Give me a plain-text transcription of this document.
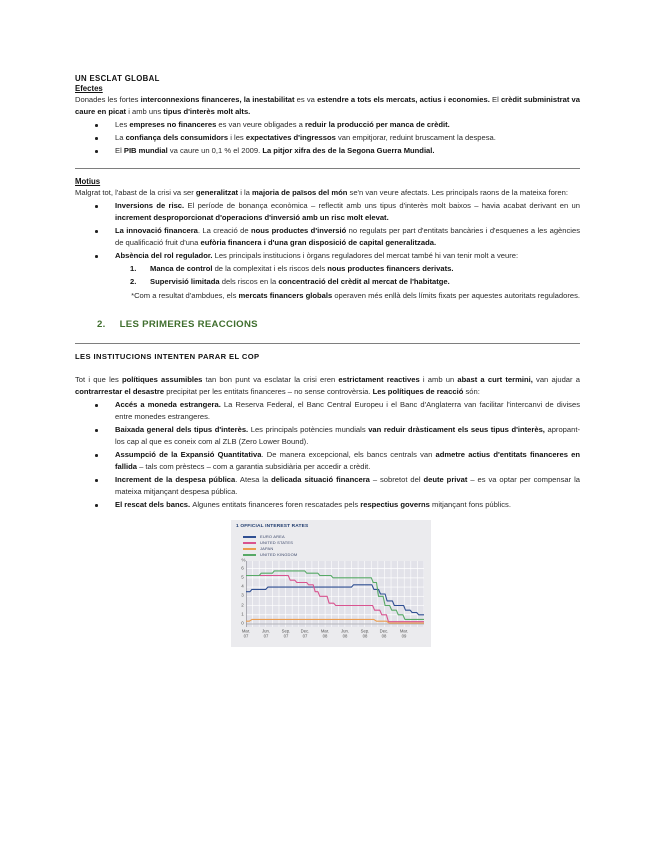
UN ESCLAT GLOBAL
Efectes

Donades les fortes interconnexions financeres, la inestabilitat es va estendre a tots els mercats, actius i economies. El crèdit subministrat va caure en picat i amb uns tipus d'interès molt alts.

Les empreses no financeres es van veure obligades a reduir la producció per manca de crèdit.
La confiança dels consumidors i les expectatives d'ingressos van empitjorar, reduint bruscament la despesa.
El PIB mundial va caure un 0,1 % el 2009. La pitjor xifra des de la Segona Guerra Mundial.
Motius

Malgrat tot, l'abast de la crisi va ser generalitzat i la majoria de països del món se'n van veure afectats. Les principals raons de la mateixa foren:

Inversions de risc. El període de bonança econòmica – reflectit amb uns tipus d'interès molt baixos – havia acabat derivant en un increment desproporcionat d'operacions d'inversió amb un risc molt elevat.
La innovació financera. La creació de nous productes d'inversió no regulats per part d'entitats bancàries i d'esquenes a les agències de qualificació fruit d'una eufòria financera i d'una gran disposició de capital generalitzada.
Absència del rol regulador. Les principals institucions i òrgans reguladores del mercat també hi van tenir molt a veure:
1.	Manca de control de la complexitat i els riscos dels nous productes financers derivats.
2.	Supervisió limitada dels riscos en la concentració del crèdit al mercat de l'habitatge.

*Com a resultat d'ambdues, els mercats financers globals operaven més enllà dels límits fixats per aquestes autoritats reguladores.

2. LES PRIMERES REACCIONS
LES INSTITUCIONS INTENTEN PARAR EL COP

Tot i que les polítiques assumibles tan bon punt va esclatar la crisi eren estrictament reactives i amb un abast a curt termini, van ajudar a contrarrestar el desastre precipitat per les entitats financeres – no sense controvèrsia. Les polítiques de reacció són:

Accés a moneda estrangera. La Reserva Federal, el Banc Central Europeu i el Banc d'Anglaterra van facilitar l'intercanvi de divises entre monedes estrangeres.
Baixada general dels tipus d'interès. Les principals potències mundials van reduir dràsticament els seus tipus d'interès, apropant-los cap al que es coneix com al ZLB (Zero Lower Bound).
Assumpció de la Expansió Quantitativa. De manera excepcional, els bancs centrals van admetre actius d'entitats financeres en fallida – tals com prèstecs – com a garantia subsidiària per accedir a crèdit.
Increment de la despesa pública. Atesa la delicada situació financera – sobretot del deute privat – es va optar per compensar la mateixa mitjançant despesa pública.
El rescat dels bancs. Algunes entitats financeres foren rescatades pels respectius governs mitjançant fons públics.
1 OFFICIAL INTEREST RATES
EURO AREA
UNITED STATES
JAPAN
UNITED KINGDOM
%
0
1
2
3
4
5
6
Mar.
07
Jun.
07
Sep.
07
Dec.
07
Mar.
08
Jun.
08
Sep.
08
Dec.
08
Mar.
09
